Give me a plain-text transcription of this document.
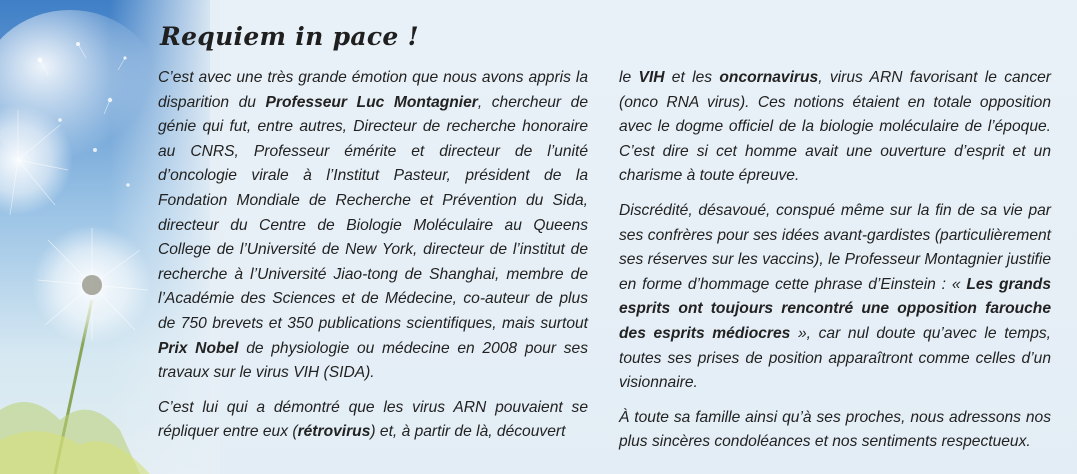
Requiem in pace !

C’est avec une très grande émotion que nous avons appris la disparition du Professeur Luc Montagnier, chercheur de génie qui fut, entre autres, Directeur de recherche honoraire au CNRS, Professeur émérite et directeur de l’unité d’oncologie virale à l’Institut Pasteur, président de la Fondation Mondiale de Recherche et Prévention du Sida, directeur du Centre de Biologie Moléculaire au Queens College de l’Université de New York, directeur de l’institut de recherche à l’Université Jiao-tong de Shanghai, membre de l’Académie des Sciences et de Médecine, co-auteur de plus de 750 brevets et 350 publications scientifiques, mais surtout Prix Nobel de physiologie ou médecine en 2008 pour ses travaux sur le virus VIH (SIDA).

C’est lui qui a démontré que les virus ARN pouvaient se répliquer entre eux (rétrovirus) et, à partir de là, découvert

le VIH et les oncornavirus, virus ARN favorisant le cancer (onco RNA virus). Ces notions étaient en totale opposition avec le dogme officiel de la biologie moléculaire de l’époque. C’est dire si cet homme avait une ouverture d’esprit et un charisme à toute épreuve.

Discrédité, désavoué, conspué même sur la fin de sa vie par ses confrères pour ses idées avant-gardistes (particulièrement ses réserves sur les vaccins), le Professeur Montagnier justifie en forme d’hommage cette phrase d’Einstein : « Les grands esprits ont toujours rencontré une opposition farouche des esprits médiocres », car nul doute qu’avec le temps, toutes ses prises de position apparaîtront comme celles d’un visionnaire.

À toute sa famille ainsi qu’à ses proches, nous adressons nos plus sincères condoléances et nos sentiments respectueux.
